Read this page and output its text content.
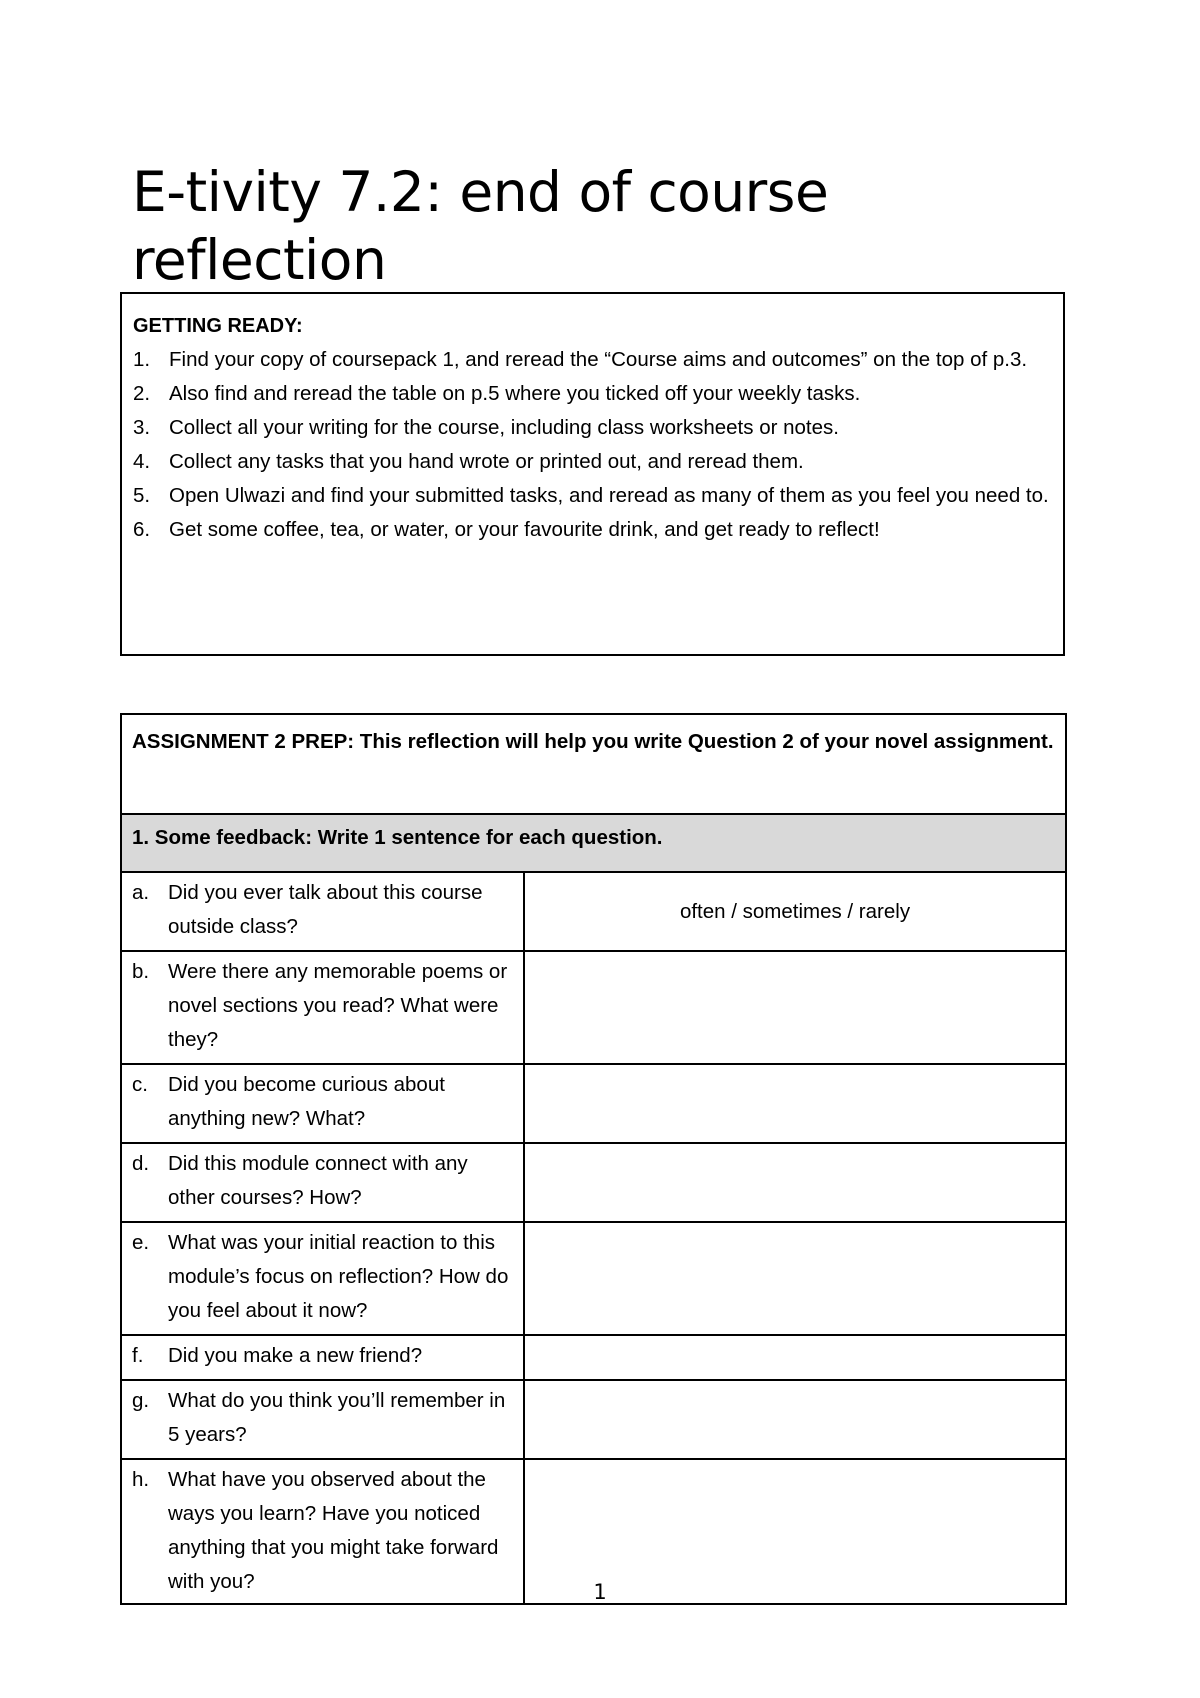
E-tivity 7.2: end of course reflection
GETTING READY:
1. Find your copy of coursepack 1, and reread the “Course aims and outcomes” on the top of p.3.
2. Also find and reread the table on p.5 where you ticked off your weekly tasks.
3. Collect all your writing for the course, including class worksheets or notes.
4. Collect any tasks that you hand wrote or printed out, and reread them.
5. Open Ulwazi and find your submitted tasks, and reread as many of them as you feel you need to.
6. Get some coffee, tea, or water, or your favourite drink, and get ready to reflect!
ASSIGNMENT 2 PREP: This reflection will help you write Question 2 of your novel assignment.	
1. Some feedback: Write 1 sentence for each question.	

a. Did you ever talk about this course outside class?	often / sometimes / rarely

b. Were there any memorable poems or novel sections you read? What were they?	

c. Did you become curious about anything new? What?	

d. Did this module connect with any other courses? How?	

e. What was your initial reaction to this module’s focus on reflection? How do you feel about it now?	

f. Did you make a new friend?	

g. What do you think you’ll remember in 5 years?	

h. What have you observed about the ways you learn? Have you noticed anything that you might take forward with you?		1
